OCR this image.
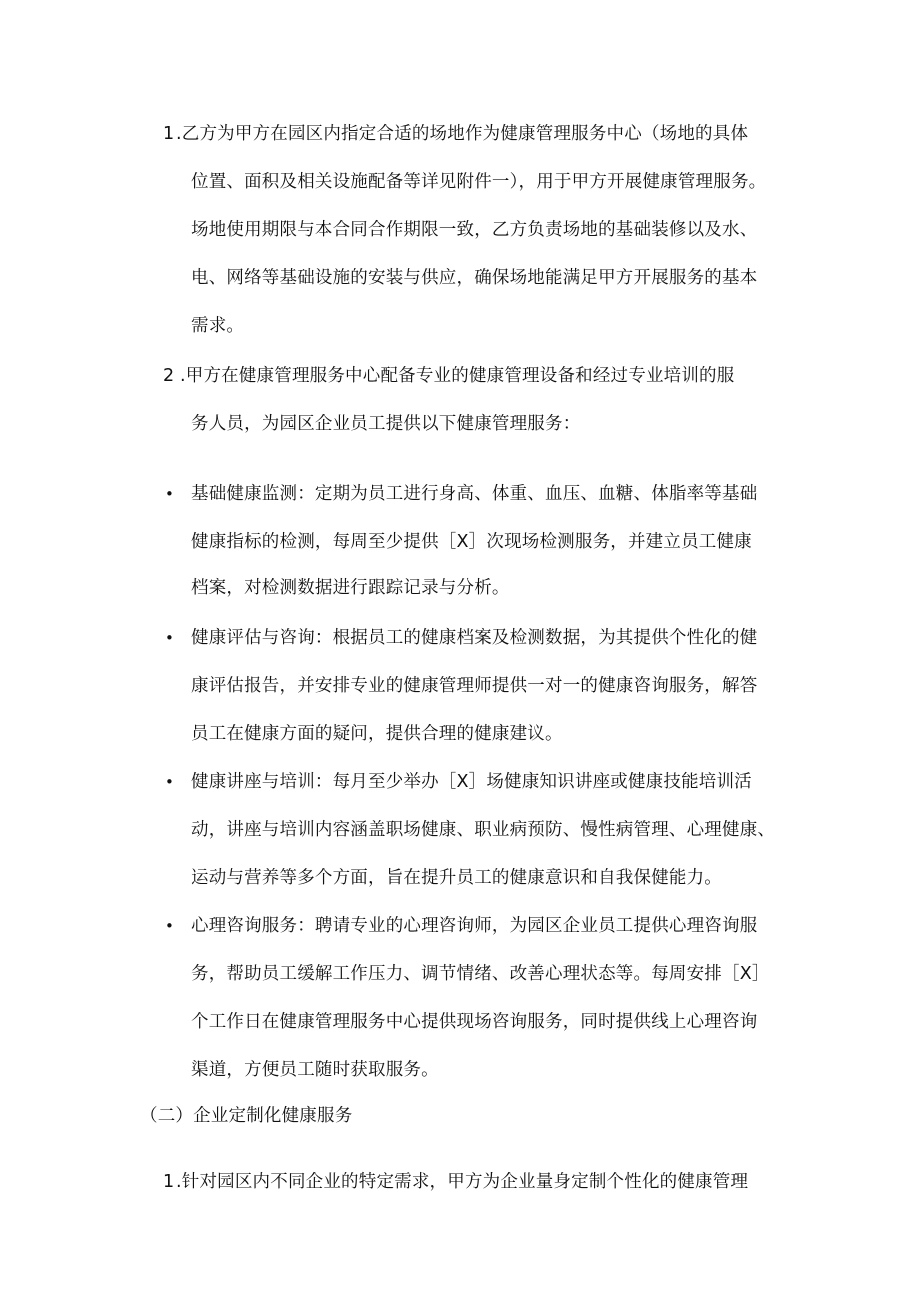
1 .乙方为甲方在园区内指定合适的场地作为健康管理服务中心（场地的具体
位置、面积及相关设施配备等详见附件一），用于甲方开展健康管理服务。
场地使用期限与本合同合作期限一致，乙方负责场地的基础装修以及水、
电、网络等基础设施的安装与供应，确保场地能满足甲方开展服务的基本
需求。
2 .甲方在健康管理服务中心配备专业的健康管理设备和经过专业培训的服
务人员，为园区企业员工提供以下健康管理服务：
• 基础健康监测：定期为员工进行身高、体重、血压、血糖、体脂率等基础
健康指标的检测，每周至少提供［X］次现场检测服务，并建立员工健康
档案，对检测数据进行跟踪记录与分析。
• 健康评估与咨询：根据员工的健康档案及检测数据，为其提供个性化的健
康评估报告，并安排专业的健康管理师提供一对一的健康咨询服务，解答
员工在健康方面的疑问，提供合理的健康建议。
• 健康讲座与培训：每月至少举办［X］场健康知识讲座或健康技能培训活
动，讲座与培训内容涵盖职场健康、职业病预防、慢性病管理、心理健康、
运动与营养等多个方面，旨在提升员工的健康意识和自我保健能力。
• 心理咨询服务：聘请专业的心理咨询师，为园区企业员工提供心理咨询服
务，帮助员工缓解工作压力、调节情绪、改善心理状态等。每周安排［X］
个工作日在健康管理服务中心提供现场咨询服务，同时提供线上心理咨询
渠道，方便员工随时获取服务。
（二）企业定制化健康服务
1 .针对园区内不同企业的特定需求，甲方为企业量身定制个性化的健康管理
